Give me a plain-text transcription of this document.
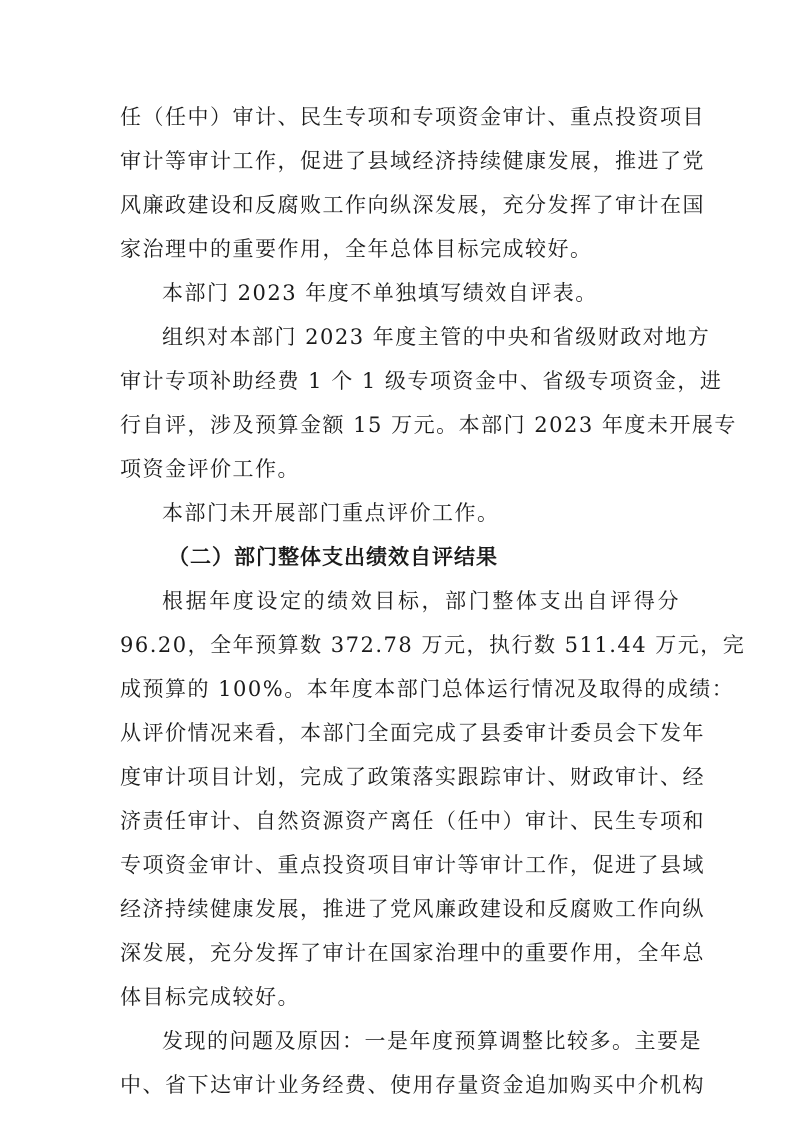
任（任中）审计、民生专项和专项资金审计、重点投资项目
审计等审计工作，促进了县域经济持续健康发展，推进了党
风廉政建设和反腐败工作向纵深发展，充分发挥了审计在国
家治理中的重要作用，全年总体目标完成较好。
本部门 2023 年度不单独填写绩效自评表。
组织对本部门 2023 年度主管的中央和省级财政对地方
审计专项补助经费 1 个 1 级专项资金中、省级专项资金，进
行自评，涉及预算金额 15 万元。本部门 2023 年度未开展专
项资金评价工作。
本部门未开展部门重点评价工作。
（二）部门整体支出绩效自评结果
根据年度设定的绩效目标，部门整体支出自评得分
96.20，全年预算数 372.78 万元，执行数 511.44 万元，完
成预算的 100%。本年度本部门总体运行情况及取得的成绩：
从评价情况来看，本部门全面完成了县委审计委员会下发年
度审计项目计划，完成了政策落实跟踪审计、财政审计、经
济责任审计、自然资源资产离任（任中）审计、民生专项和
专项资金审计、重点投资项目审计等审计工作，促进了县域
经济持续健康发展，推进了党风廉政建设和反腐败工作向纵
深发展，充分发挥了审计在国家治理中的重要作用，全年总
体目标完成较好。
发现的问题及原因：一是年度预算调整比较多。主要是
中、省下达审计业务经费、使用存量资金追加购买中介机构
